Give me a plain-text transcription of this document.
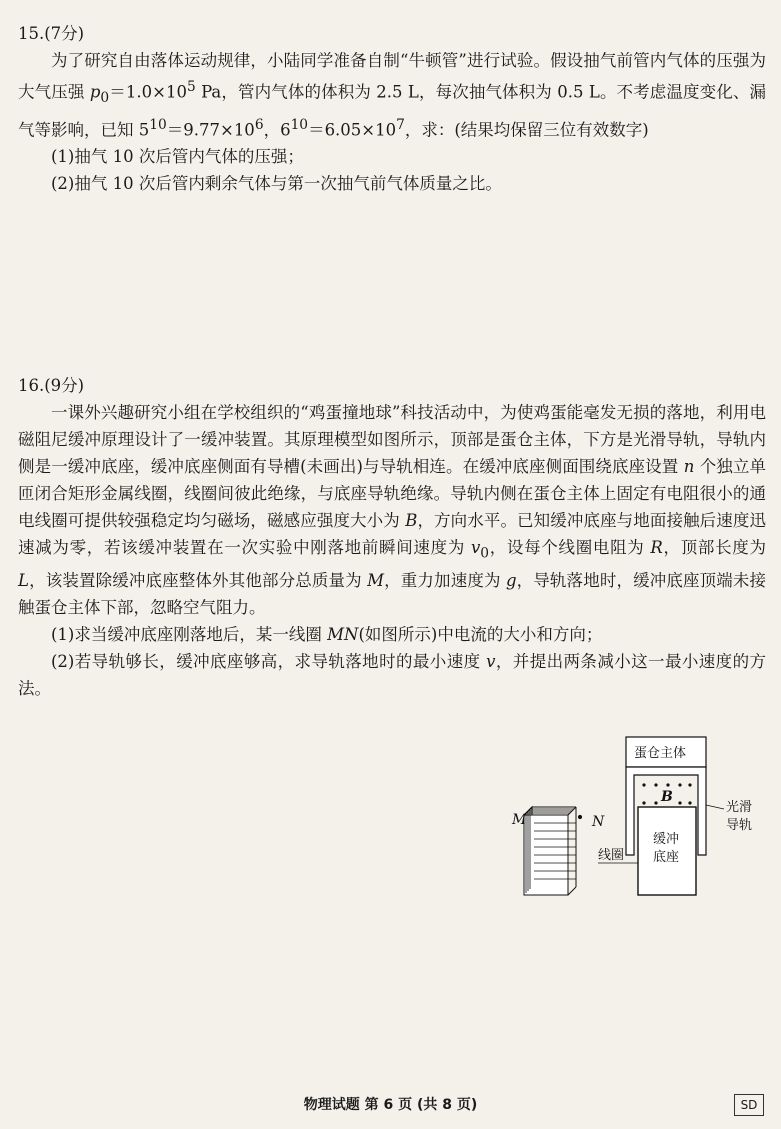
15.(7分)

为了研究自由落体运动规律，小陆同学准备自制“牛顿管”进行试验。假设抽气前管内气体的压强为大气压强 $p_0=1.0\times 10^5$ Pa，管内气体的体积为 2.5 L，每次抽气体积为 0.5 L。不考虑温度变化、漏气等影响，已知 $5^{10}=9.77\times 10^6$，$6^{10}=6.05\times 10^7$，求：(结果均保留三位有效数字)

(1)抽气 10 次后管内气体的压强；

(2)抽气 10 次后管内剩余气体与第一次抽气前气体质量之比。

16.(9分)

一课外兴趣研究小组在学校组织的“鸡蛋撞地球”科技活动中，为使鸡蛋能毫发无损的落地，利用电磁阻尼缓冲原理设计了一缓冲装置。其原理模型如图所示，顶部是蛋仓主体，下方是光滑导轨，导轨内侧是一缓冲底座，缓冲底座侧面有导槽(未画出)与导轨相连。在缓冲底座侧面围绕底座设置 n 个独立单匝闭合矩形金属线圈，线圈间彼此绝缘，与底座导轨绝缘。导轨内侧在蛋仓主体上固定有电阻很小的通电线圈可提供较强稳定均匀磁场，磁感应强度大小为 B，方向水平。已知缓冲底座与地面接触后速度迅速减为零，若该缓冲装置在一次实验中刚落地前瞬间速度为 $v_0$，设每个线圈电阻为 R，顶部长度为 L，该装置除缓冲底座整体外其他部分总质量为 M，重力加速度为 g，导轨落地时，缓冲底座顶端未接触蛋仓主体下部，忽略空气阻力。

(1)求当缓冲底座刚落地后，某一线圈 MN(如图所示)中电流的大小和方向；

(2)若导轨够长，缓冲底座够高，求导轨落地时的最小速度 v，并提出两条减小这一最小速度的方法。

M	N
线圈
蛋仓主体
B
缓冲
底座
光滑
导轨
物理试题 第 6 页 (共 8 页)	SD
